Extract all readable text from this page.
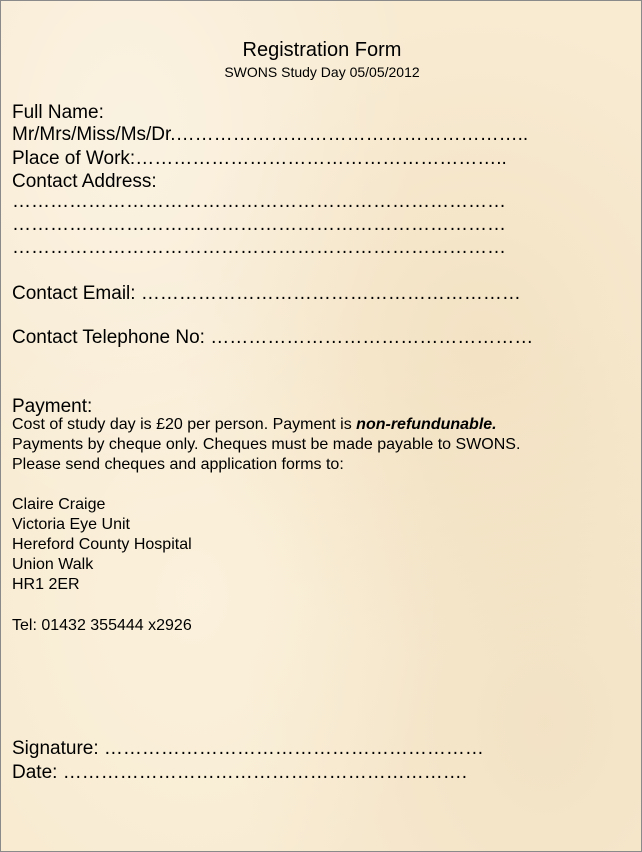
Registration Form
SWONS Study Day 05/05/2012
Full Name:
Mr/Mrs/Miss/Ms/Dr.………………………………………………..
Place of Work:…………………………………………………..
Contact Address:
……………………………………………………………………
……………………………………………………………………
……………………………………………………………………
Contact Email: ……………………………………………………
Contact Telephone No: ……………………………………………
Payment:
Cost of study day is £20 per person. Payment is non-refundunable.
Payments by cheque only. Cheques must be made payable to SWONS.
Please send cheques and application forms to:
Claire Craige
Victoria Eye Unit
Hereford County Hospital
Union Walk
HR1 2ER
Tel: 01432 355444 x2926
Signature: ……………………………………………………
Date: ……………………………………………………….
